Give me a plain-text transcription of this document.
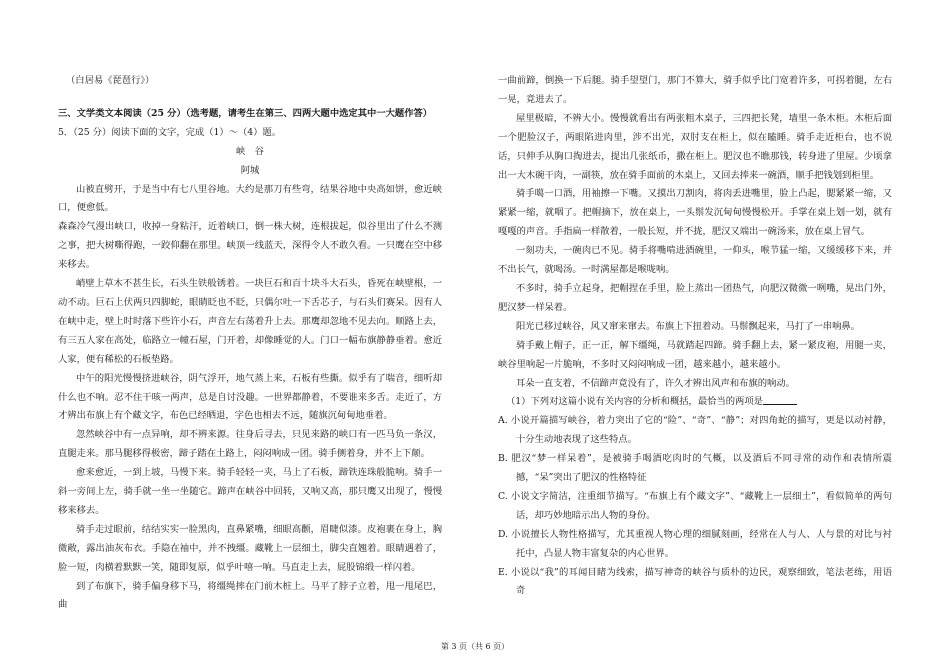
（白居易《琵琶行》）

三、文学类文本阅读（25 分）（选考题，请考生在第三、四两大题中选定其中一大题作答）

5．（25 分）阅读下面的文字，完成（1）～（4）题。

峡　谷

阿城

山被直劈开，于是当中有七八里谷地。大约是那刀有些弯，结果谷地中央高如饼，愈近峡口，便愈低。

森森冷气漫出峡口，收掉一身粘汗，近着峡口，倒一株大树，连根拔起，似谷里出了什么不测之事，把大树嘶得跑，一跤仰翻在那里。峡顶一线蓝天，深得令人不敢久看。一只鹰在空中移来移去。

峭壁上草木不甚生长，石头生铁般锈着。一块巨石和百十块斗大石头，昏死在峡壁根，一动不动。巨石上伏两只四脚蛇，眼睛眨也不眨，只偶尔吐一下舌芯子，与石头们赛呆。因有人在峡中走，壁上时时落下些许小石，声音左右荡着升上去。那鹰却忽地不见去向。顺路上去，有三五人家在高处，临路立一幢石屋，门开着，却像睡觉的人。门口一幅布旗静静垂着。愈近人家，便有稀松的石板垫路。

中午的阳光慢慢挤进峡谷，阴气浮开，地气蒸上来，石板有些撕。似乎有了喘音，细听却什么也不响。忍不住干咳一两声，总是自讨没趣。一世界都静着，不要谁来多舌。走近了，方才辨出布旗上有个藏文字，布色已经晒退，字色也相去不远，随旗沉甸甸地垂着。

忽然峡谷中有一点异响，却不辨来源。往身后寻去，只见来路的峡口有一匹马负一条汉，直腿走来。那马腿移得极密，蹄子踏在土路上，闷闷响成一团。骑手侧着身，并不上下颠。

愈来愈近，一到上坡，马慢下来。骑手轻轻一夹，马上了石板，蹄铁连珠般脆响。骑手一斜一旁间上左，骑手就一坐一坐随它。蹄声在峡谷中回转，又响又高，那只鹰又出现了，慢慢移来移去。

骑手走过眼前，结结实实一脸黑肉，直鼻紧嘴，细眼高颧，眉睫似漆。皮袍裹在身上，胸微敞，露出油灰布衣。手隐在袖中，并不拽缰。藏靴上一层细土，脚尖直翘着。眼睛遇着了，脸一短，肉横着默默一笑，随即复原，似乎叶嘻一响。马直走上去，屁股锦缎一样闪着。

到了布旗下，骑手偏身移下马，将缰绳摔在门前木桩上。马平了脖子立着，甩一甩尾巴，曲

一曲前蹄，倒换一下后腿。骑手望望门，那门不算大，骑手似乎比门宽着许多，可拐着腿，左右一晃，竟进去了。

屋里极暗，不辨大小。慢慢就看出有两张粗木桌子，三四把长凳，墙里一条木柜。木柜后面一个肥脸汉子，两眼陷进肉里，涉不出光，双肘支在柜上，似在瞌睡。骑手走近柜台，也不说话，只伸手从胸口掏进去，提出几张纸币，撒在柜上。肥汉也不瞧那钱，转身进了里屋。少顷拿出一大木碗干肉，一副筷，放在骑手面前的木桌上，又回去捧来一碗酒，顺手把钱划到柜里。

骑手噶一口酒，用袖擦一下嘴。又摸出刀割肉，将肉丢进嘴里，脸上凸起，腮紧紧一缩，又紧紧一缩，就咽了。把帽摘下，放在桌上，一头鬃发沉甸甸慢慢松开。手掌在桌上划一划，就有嘎嘎的声音。手指扁一样散着，一般长短，并不拢，肥汉又端出一碗汤来，放在桌上冒气。

一刻功夫，一碗肉已不见。骑手将嘴啃进酒碗里，一仰头，喉节猛一缩，又缓缓移下来，并不出长气，就喝汤。一时满屋都是喉咙响。

不多时，骑手立起身，把帽捏在手里，脸上蒸出一团热气，向肥汉微微一咧嘴，晃出门外，肥汉梦一样呆着。

阳光已移过峡谷，风又窜来窜去。布旗上下扭着动。马鬃飘起来，马打了一串响鼻。

骑手戴上帽子，正一正，解下缰绳，马就踏起四蹄。骑手翻上去，紧一紧皮袍，用腿一夹，峡谷里响起一片脆响，不多时又闷闷响成一团，越来越小，越来越小。

耳朵一直支着，不信蹄声竟没有了，许久才辨出风声和布旗的响动。

（1）下列对这篇小说有关内容的分析和概括，最恰当的两项是

A. 小说开篇描写峡谷，着力突出了它的“险”、“奇”、“静”；对四角蛇的描写，更是以动衬静，十分生动地表现了这些特点。

B. 肥汉“梦一样呆着”，是被骑手喝酒吃肉时的气概，以及酒后不同寻常的动作和表情所震撼，“呆”突出了肥汉的性格特征

C. 小说文字简洁，注重细节描写。“布旗上有个藏文字”、“藏靴上一层细土”，看似简单的两句话，却巧妙地暗示出人物的身份。

D. 小说擅长人物性格描写，尤其重视人物心理的细腻刻画，经常在人与人、人与景的对比与衬托中，凸显人物丰富复杂的内心世界。

E. 小说以“我”的耳闻目睹为线索，描写神奇的峡谷与质朴的边民，观察细致，笔法老练，用语奇

第 3 页（共 6 页）
